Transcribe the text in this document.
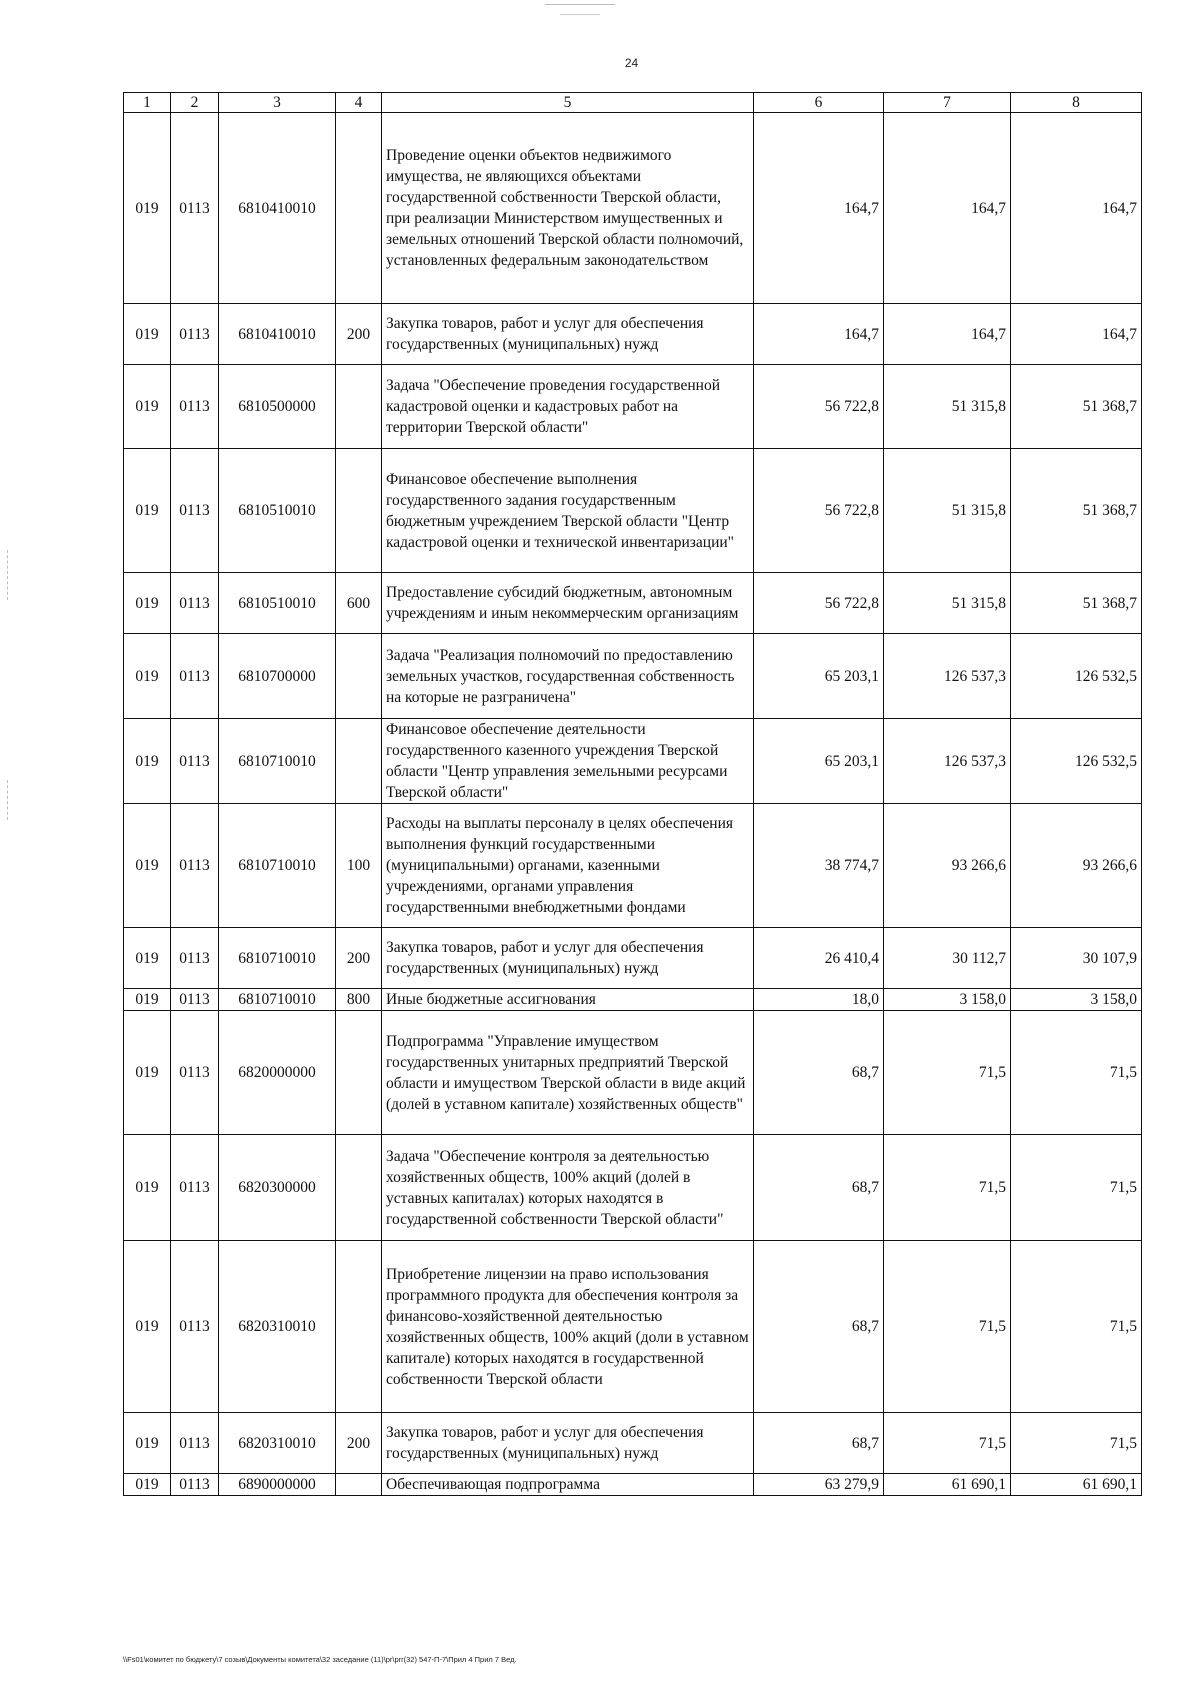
24
1	2	3	4	5	6	7	8
019	0113	6810410010		Проведение оценки объектов недвижимого имущества, не являющихся объектами государственной собственности Тверской области, при реализации Министерством имущественных и земельных отношений Тверской области полномочий, установленных федеральным законодательством	164,7	164,7	164,7
019	0113	6810410010	200	Закупка товаров, работ и услуг для обеспечения государственных (муниципальных) нужд	164,7	164,7	164,7
019	0113	6810500000		Задача "Обеспечение проведения государственной кадастровой оценки и кадастровых работ на территории Тверской области"	56 722,8	51 315,8	51 368,7
019	0113	6810510010		Финансовое обеспечение выполнения государственного задания государственным бюджетным учреждением Тверской области "Центр кадастровой оценки и технической инвентаризации"	56 722,8	51 315,8	51 368,7
019	0113	6810510010	600	Предоставление субсидий бюджетным, автономным учреждениям и иным некоммерческим организациям	56 722,8	51 315,8	51 368,7
019	0113	6810700000		Задача "Реализация полномочий по предоставлению земельных участков, государственная собственность на которые не разграничена"	65 203,1	126 537,3	126 532,5
019	0113	6810710010		Финансовое обеспечение деятельности государственного казенного учреждения Тверской области "Центр управления земельными ресурсами Тверской области"	65 203,1	126 537,3	126 532,5
019	0113	6810710010	100	Расходы на выплаты персоналу в целях обеспечения выполнения функций государственными (муниципальными) органами, казенными учреждениями, органами управления государственными внебюджетными фондами	38 774,7	93 266,6	93 266,6
019	0113	6810710010	200	Закупка товаров, работ и услуг для обеспечения государственных (муниципальных) нужд	26 410,4	30 112,7	30 107,9
019	0113	6810710010	800	Иные бюджетные ассигнования	18,0	3 158,0	3 158,0
019	0113	6820000000		Подпрограмма "Управление имуществом государственных унитарных предприятий Тверской области и имуществом Тверской области в виде акций (долей в уставном капитале) хозяйственных обществ"	68,7	71,5	71,5
019	0113	6820300000		Задача "Обеспечение контроля за деятельностью хозяйственных обществ, 100% акций (долей в уставных капиталах) которых находятся в государственной собственности Тверской области"	68,7	71,5	71,5
019	0113	6820310010		Приобретение лицензии на право использования программного продукта для обеспечения контроля за финансово-хозяйственной деятельностью хозяйственных обществ, 100% акций (доли в уставном капитале) которых находятся в государственной собственности Тверской области	68,7	71,5	71,5
019	0113	6820310010	200	Закупка товаров, работ и услуг для обеспечения государственных (муниципальных) нужд	68,7	71,5	71,5
019	0113	6890000000		Обеспечивающая подпрограмма	63 279,9	61 690,1	61 690,1
\\Fs01\комитет по бюджету\7 созыв\Документы комитета\32 заседание (11)\pr\prr(32) 547-П-7\Прил 4 Прил 7 Вед.
